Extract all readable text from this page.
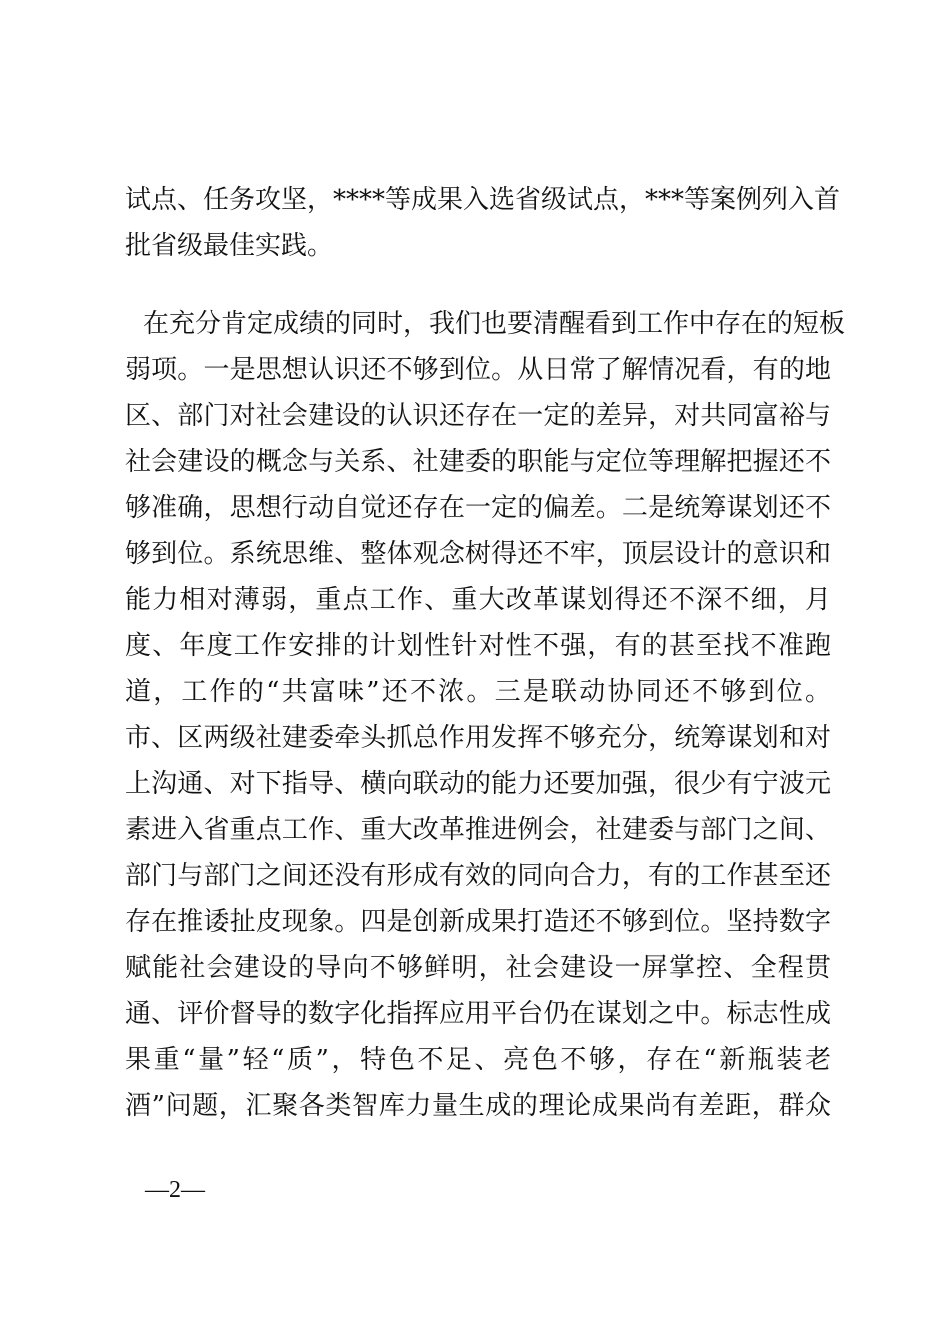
试点、任务攻坚，****等成果入选省级试点，***等案例列入首
批省级最佳实践。
在充分肯定成绩的同时，我们也要清醒看到工作中存在的短板
弱项。一是思想认识还不够到位。从日常了解情况看，有的地
区、部门对社会建设的认识还存在一定的差异，对共同富裕与
社会建设的概念与关系、社建委的职能与定位等理解把握还不
够准确，思想行动自觉还存在一定的偏差。二是统筹谋划还不
够到位。系统思维、整体观念树得还不牢，顶层设计的意识和
能力相对薄弱，重点工作、重大改革谋划得还不深不细，月
度、年度工作安排的计划性针对性不强，有的甚至找不准跑
道，工作的“共富味”还不浓。三是联动协同还不够到位。
市、区两级社建委牵头抓总作用发挥不够充分，统筹谋划和对
上沟通、对下指导、横向联动的能力还要加强，很少有宁波元
素进入省重点工作、重大改革推进例会，社建委与部门之间、
部门与部门之间还没有形成有效的同向合力，有的工作甚至还
存在推诿扯皮现象。四是创新成果打造还不够到位。坚持数字
赋能社会建设的导向不够鲜明，社会建设一屏掌控、全程贯
通、评价督导的数字化指挥应用平台仍在谋划之中。标志性成
果重“量”轻“质”，特色不足、亮色不够，存在“新瓶装老
酒”问题，汇聚各类智库力量生成的理论成果尚有差距，群众
—2—
